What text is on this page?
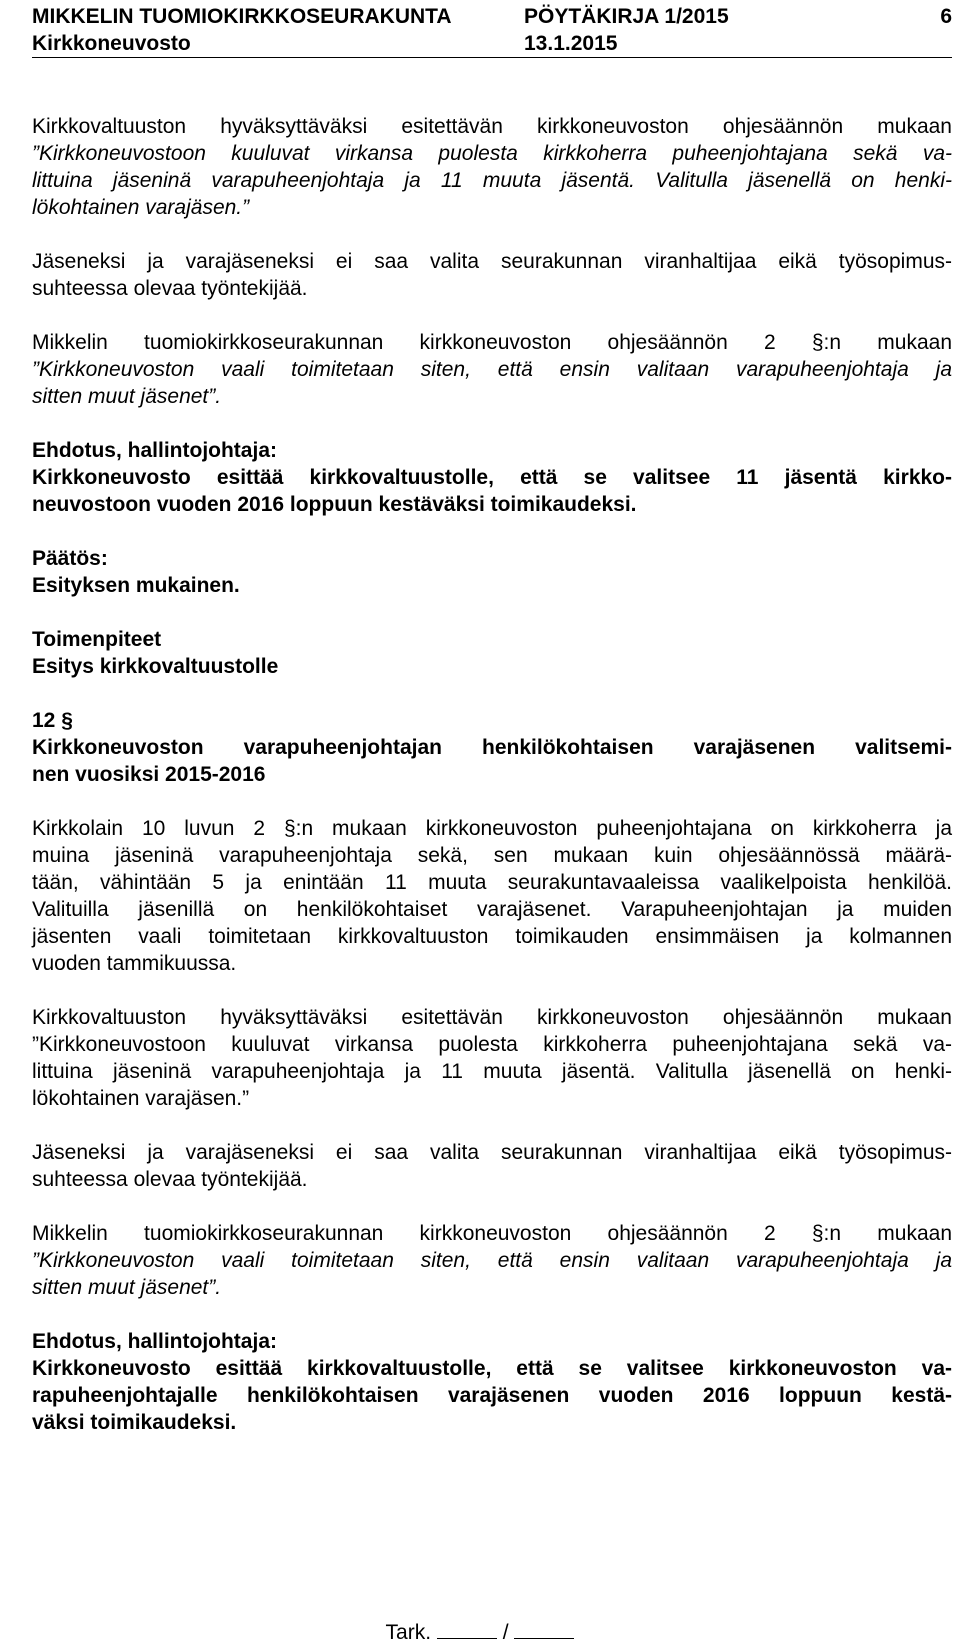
MIKKELIN TUOMIOKIRKKOSEURAKUNTA
Kirkkoneuvosto
PÖYTÄKIRJA 1/2015
13.1.2015
6
Kirkkovaltuuston hyväksyttäväksi esitettävän kirkkoneuvoston ohjesäännön mukaan
”Kirkkoneuvostoon kuuluvat virkansa puolesta kirkkoherra puheenjohtajana sekä va-
littuina jäseninä varapuheenjohtaja ja 11 muuta jäsentä. Valitulla jäsenellä on henki-
lökohtainen varajäsen.”
Jäseneksi ja varajäseneksi ei saa valita seurakunnan viranhaltijaa eikä työsopimus-
suhteessa olevaa työntekijää.
Mikkelin tuomiokirkkoseurakunnan kirkkoneuvoston ohjesäännön 2 §:n mukaan
”Kirkkoneuvoston vaali toimitetaan siten, että ensin valitaan varapuheenjohtaja ja
sitten muut jäsenet”.
Ehdotus, hallintojohtaja:
Kirkkoneuvosto esittää kirkkovaltuustolle, että se valitsee 11 jäsentä kirkko-
neuvostoon vuoden 2016 loppuun kestäväksi toimikaudeksi.
Päätös:
Esityksen mukainen.
Toimenpiteet
Esitys kirkkovaltuustolle
12 §
Kirkkoneuvoston varapuheenjohtajan henkilökohtaisen varajäsenen valitsemi-
nen vuosiksi 2015-2016
Kirkkolain 10 luvun 2 §:n mukaan kirkkoneuvoston puheenjohtajana on kirkkoherra ja
muina jäseninä varapuheenjohtaja sekä, sen mukaan kuin ohjesäännössä määrä-
tään, vähintään 5 ja enintään 11 muuta seurakuntavaaleissa vaalikelpoista henkilöä.
Valituilla jäsenillä on henkilökohtaiset varajäsenet. Varapuheenjohtajan ja muiden
jäsenten vaali toimitetaan kirkkovaltuuston toimikauden ensimmäisen ja kolmannen
vuoden tammikuussa.
Kirkkovaltuuston hyväksyttäväksi esitettävän kirkkoneuvoston ohjesäännön mukaan
”Kirkkoneuvostoon kuuluvat virkansa puolesta kirkkoherra puheenjohtajana sekä va-
littuina jäseninä varapuheenjohtaja ja 11 muuta jäsentä. Valitulla jäsenellä on henki-
lökohtainen varajäsen.”
Jäseneksi ja varajäseneksi ei saa valita seurakunnan viranhaltijaa eikä työsopimus-
suhteessa olevaa työntekijää.
Mikkelin tuomiokirkkoseurakunnan kirkkoneuvoston ohjesäännön 2 §:n mukaan
”Kirkkoneuvoston vaali toimitetaan siten, että ensin valitaan varapuheenjohtaja ja
sitten muut jäsenet”.
Ehdotus, hallintojohtaja:
Kirkkoneuvosto esittää kirkkovaltuustolle, että se valitsee kirkkoneuvoston va-
rapuheenjohtajalle henkilökohtaisen varajäsenen vuoden 2016 loppuun kestä-
väksi toimikaudeksi.
Tark.	/
